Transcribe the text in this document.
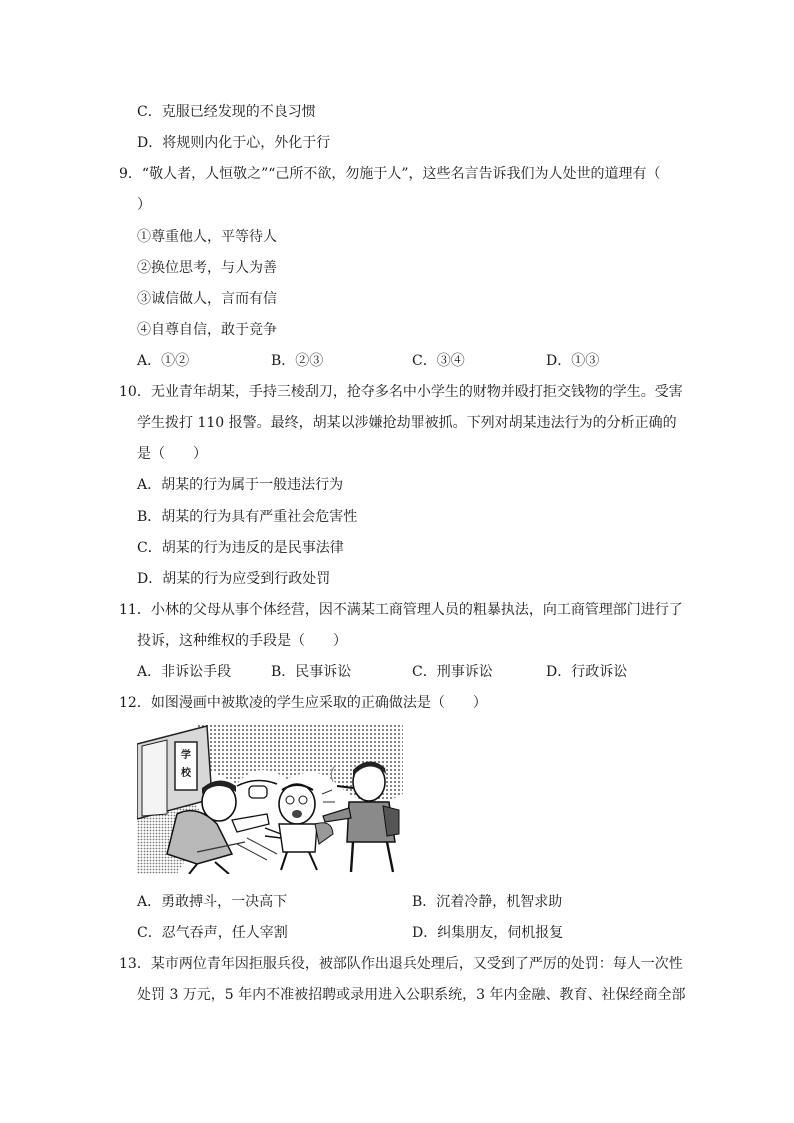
C．克服已经发现的不良习惯
D．将规则内化于心，外化于行
9．“敬人者，人恒敬之”“己所不欲，勿施于人”，这些名言告诉我们为人处世的道理有（
）
①尊重他人，平等待人
②换位思考，与人为善
③诚信做人，言而有信
④自尊自信，敢于竞争
A．①②	B．②③	C．③④	D．①③
10．无业青年胡某，手持三棱刮刀，抢夺多名中小学生的财物并殴打拒交钱物的学生。受害
学生拨打 110 报警。最终，胡某以涉嫌抢劫罪被抓。下列对胡某违法行为的分析正确的
是（　　）
A．胡某的行为属于一般违法行为
B．胡某的行为具有严重社会危害性
C．胡某的行为违反的是民事法律
D．胡某的行为应受到行政处罚
11．小林的父母从事个体经营，因不满某工商管理人员的粗暴执法，向工商管理部门进行了
投诉，这种维权的手段是（　　）
A．非诉讼手段	B．民事诉讼	C．刑事诉讼	D．行政诉讼
12．如图漫画中被欺凌的学生应采取的正确做法是（　　）
学
校
A．勇敢搏斗，一决高下	B．沉着冷静，机智求助
C．忍气吞声，任人宰割	D．纠集朋友，伺机报复
13．某市两位青年因拒服兵役，被部队作出退兵处理后，又受到了严厉的处罚：每人一次性
处罚 3 万元，5 年内不准被招聘或录用进入公职系统，3 年内金融、教育、社保经商全部
